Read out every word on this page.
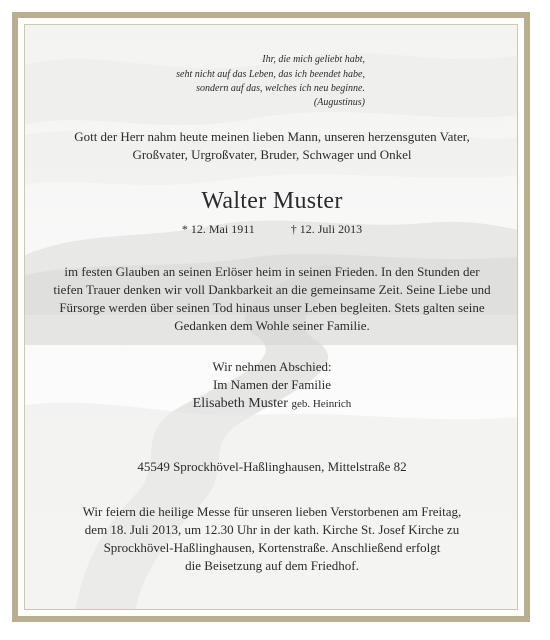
Ihr, die mich geliebt habt,
seht nicht auf das Leben, das ich beendet habe,
sondern auf das, welches ich neu beginne.
(Augustinus)
Gott der Herr nahm heute meinen lieben Mann, unseren herzensguten Vater,
Großvater, Urgroßvater, Bruder, Schwager und Onkel
Walter Muster
* 12. Mai 1911	† 12. Juli 2013
im festen Glauben an seinen Erlöser heim in seinen Frieden. In den Stunden der
tiefen Trauer denken wir voll Dankbarkeit an die gemeinsame Zeit. Seine Liebe und
Fürsorge werden über seinen Tod hinaus unser Leben begleiten. Stets galten seine
Gedanken dem Wohle seiner Familie.
Wir nehmen Abschied:
Im Namen der Familie
Elisabeth Muster geb. Heinrich
45549 Sprockhövel-Haßlinghausen, Mittelstraße 82
Wir feiern die heilige Messe für unseren lieben Verstorbenen am Freitag,
dem 18. Juli 2013, um 12.30 Uhr in der kath. Kirche St. Josef Kirche zu
Sprockhövel-Haßlinghausen, Kortenstraße. Anschließend erfolgt
die Beisetzung auf dem Friedhof.
